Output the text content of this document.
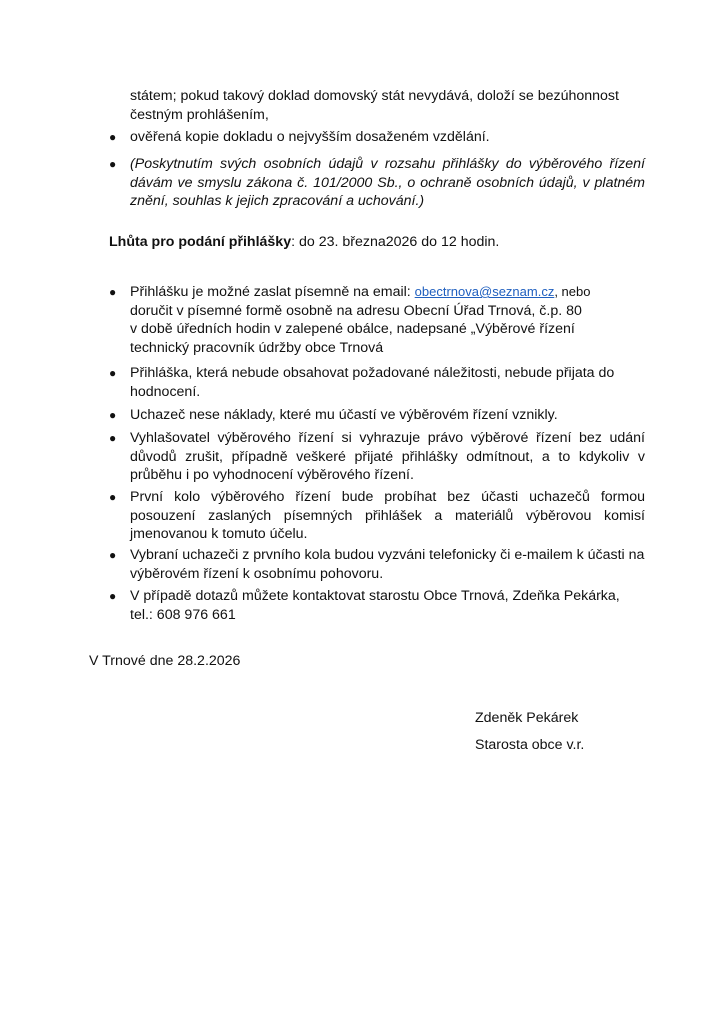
státem; pokud takový doklad domovský stát nevydává, doloží se bezúhonnost
čestným prohlášením,
● ověřená kopie dokladu o nejvyšším dosaženém vzdělání.
● (Poskytnutím svých osobních údajů v rozsahu přihlášky do výběrového řízení dávám ve smyslu zákona č. 101/2000 Sb., o ochraně osobních údajů, v platném znění, souhlas k jejich zpracování a uchování.)
Lhůta pro podání přihlášky: do 23. března2026 do 12 hodin.
● Přihlášku je možné zaslat písemně na email: obectrnova@seznam.cz, nebo
doručit v písemné formě osobně na adresu Obecní Úřad Trnová, č.p. 80
v době úředních hodin v zalepené obálce, nadepsané „Výběrové řízení
technický pracovník údržby obce Trnová
● Přihláška, která nebude obsahovat požadované náležitosti, nebude přijata do hodnocení.
● Uchazeč nese náklady, které mu účastí ve výběrovém řízení vznikly.
● Vyhlašovatel výběrového řízení si vyhrazuje právo výběrové řízení bez udání důvodů zrušit, případně veškeré přijaté přihlášky odmítnout, a to kdykoliv v průběhu i po vyhodnocení výběrového řízení.
● První kolo výběrového řízení bude probíhat bez účasti uchazečů formou posouzení zaslaných písemných přihlášek a materiálů výběrovou komisí jmenovanou k tomuto účelu.
● Vybraní uchazeči z prvního kola budou vyzváni telefonicky či e-mailem k účasti na výběrovém řízení k osobnímu pohovoru.
● V případě dotazů můžete kontaktovat starostu Obce Trnová, Zdeňka Pekárka, tel.: 608 976 661
V Trnové dne 28.2.2026
Zdeněk Pekárek
Starosta obce v.r.
